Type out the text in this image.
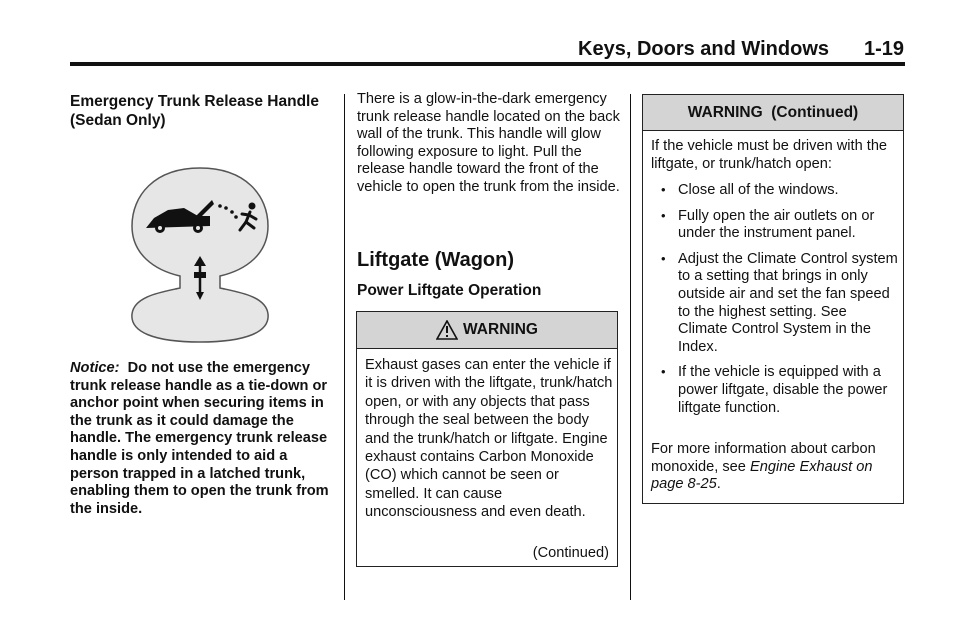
Keys, Doors and Windows 1-19
Emergency Trunk Release Handle (Sedan Only)
Notice: Do not use the emergency trunk release handle as a tie-down or anchor point when securing items in the trunk as it could damage the handle. The emergency trunk release handle is only intended to aid a person trapped in a latched trunk, enabling them to open the trunk from the inside.
There is a glow-in-the-dark emergency trunk release handle located on the back wall of the trunk. This handle will glow following exposure to light. Pull the release handle toward the front of the vehicle to open the trunk from the inside.
Liftgate (Wagon)
Power Liftgate Operation
WARNING
Exhaust gases can enter the vehicle if it is driven with the liftgate, trunk/hatch open, or with any objects that pass through the seal between the body and the trunk/hatch or liftgate. Engine exhaust contains Carbon Monoxide (CO) which cannot be seen or smelled. It can cause unconsciousness and even death.
(Continued)
WARNING  (Continued)
If the vehicle must be driven with the liftgate, or trunk/hatch open:
• Close all of the windows.
• Fully open the air outlets on or under the instrument panel.
• Adjust the Climate Control system to a setting that brings in only outside air and set the fan speed to the highest setting. See Climate Control System in the Index.
• If the vehicle is equipped with a power liftgate, disable the power liftgate function.
For more information about carbon monoxide, see Engine Exhaust on page 8-25.
